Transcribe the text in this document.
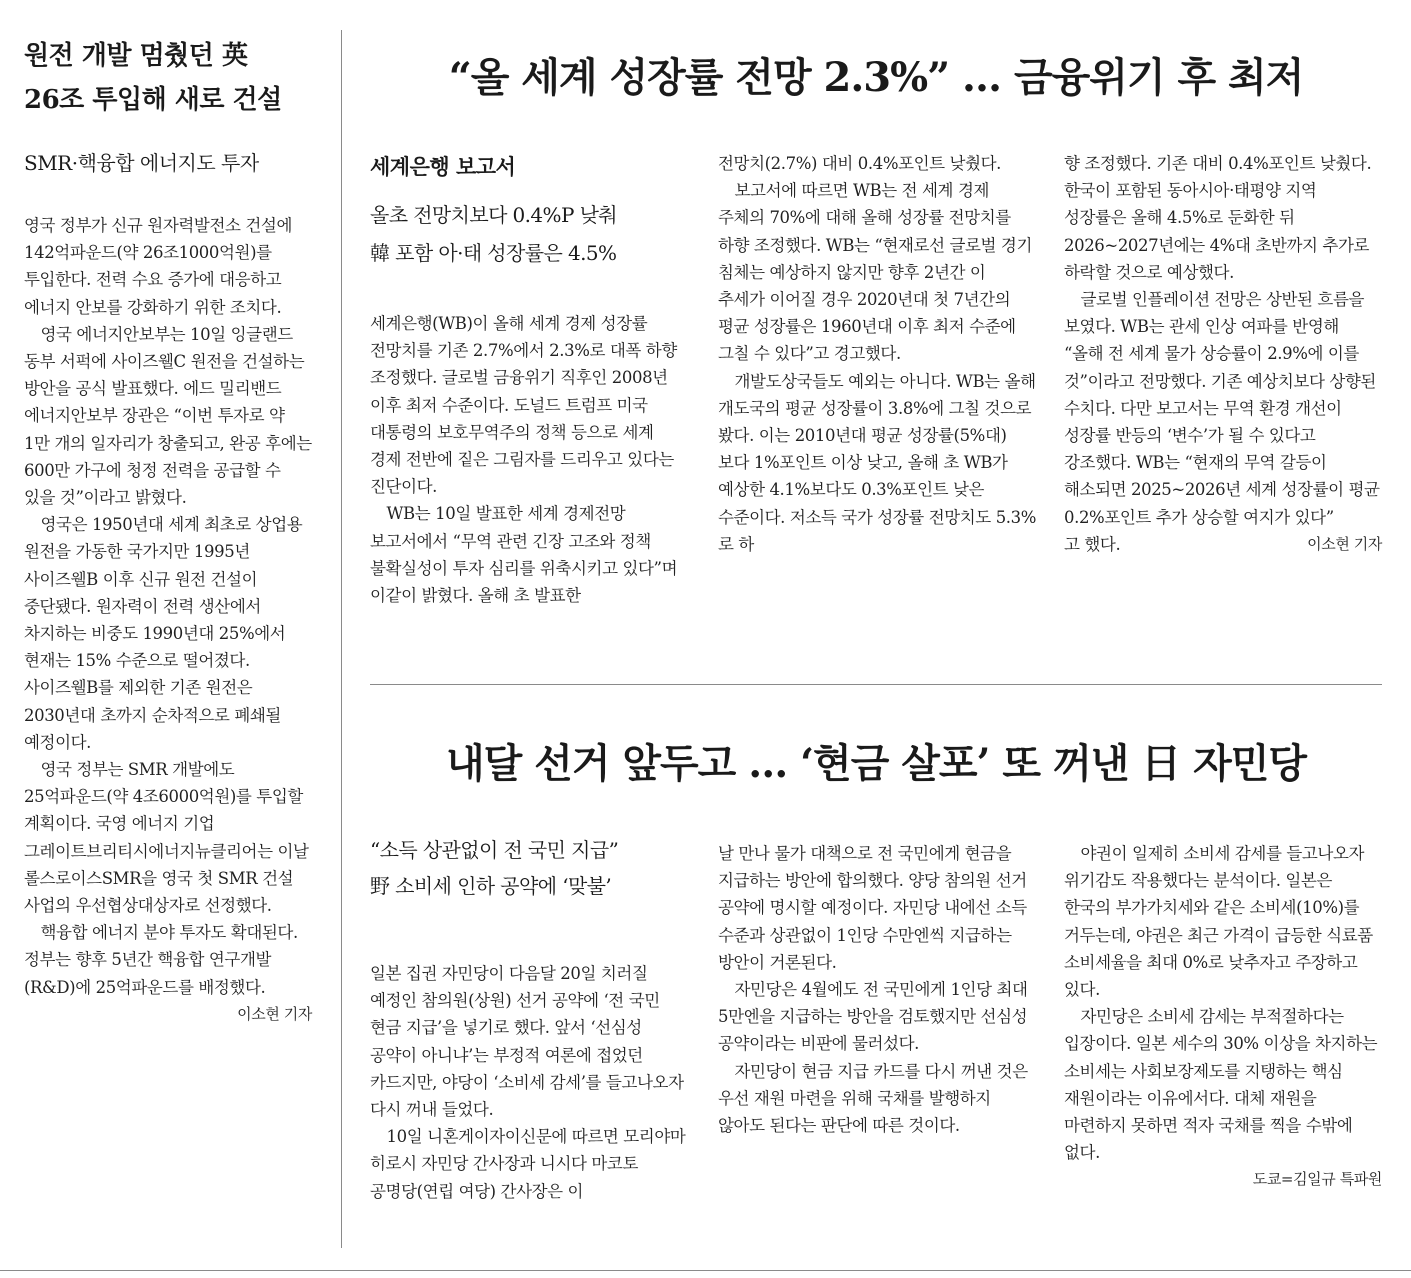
원전 개발 멈췄던 英
26조 투입해 새로 건설
SMR·핵융합 에너지도 투자

영국 정부가 신규 원자력발전소 건설에 142억파운드(약 26조1000억원)를 투입한다. 전력 수요 증가에 대응하고 에너지 안보를 강화하기 위한 조치다.

영국 에너지안보부는 10일 잉글랜드 동부 서퍽에 사이즈웰C 원전을 건설하는 방안을 공식 발표했다. 에드 밀리밴드 에너지안보부 장관은 “이번 투자로 약 1만 개의 일자리가 창출되고, 완공 후에는 600만 가구에 청정 전력을 공급할 수 있을 것”이라고 밝혔다.

영국은 1950년대 세계 최초로 상업용 원전을 가동한 국가지만 1995년 사이즈웰B 이후 신규 원전 건설이 중단됐다. 원자력이 전력 생산에서 차지하는 비중도 1990년대 25%에서 현재는 15% 수준으로 떨어졌다. 사이즈웰B를 제외한 기존 원전은 2030년대 초까지 순차적으로 폐쇄될 예정이다.

영국 정부는 SMR 개발에도 25억파운드(약 4조6000억원)를 투입할 계획이다. 국영 에너지 기업 그레이트브리티시에너지뉴클리어는 이날 롤스로이스SMR을 영국 첫 SMR 건설 사업의 우선협상대상자로 선정했다.

핵융합 에너지 분야 투자도 확대된다. 정부는 향후 5년간 핵융합 연구개발(R&D)에 25억파운드를 배정했다.

이소현 기자
“올 세계 성장률 전망 2.3%” … 금융위기 후 최저
세계은행 보고서
올초 전망치보다 0.4%P 낮춰
韓 포함 아·태 성장률은 4.5%

세계은행(WB)이 올해 세계 경제 성장률 전망치를 기존 2.7%에서 2.3%로 대폭 하향 조정했다. 글로벌 금융위기 직후인 2008년 이후 최저 수준이다. 도널드 트럼프 미국 대통령의 보호무역주의 정책 등으로 세계 경제 전반에 짙은 그림자를 드리우고 있다는 진단이다.

WB는 10일 발표한 세계 경제전망 보고서에서 “무역 관련 긴장 고조와 정책 불확실성이 투자 심리를 위축시키고 있다”며 이같이 밝혔다. 올해 초 발표한

전망치(2.7%) 대비 0.4%포인트 낮췄다.

보고서에 따르면 WB는 전 세계 경제 주체의 70%에 대해 올해 성장률 전망치를 하향 조정했다. WB는 “현재로선 글로벌 경기 침체는 예상하지 않지만 향후 2년간 이 추세가 이어질 경우 2020년대 첫 7년간의 평균 성장률은 1960년대 이후 최저 수준에 그칠 수 있다”고 경고했다.

개발도상국들도 예외는 아니다. WB는 올해 개도국의 평균 성장률이 3.8%에 그칠 것으로 봤다. 이는 2010년대 평균 성장률(5%대)보다 1%포인트 이상 낮고, 올해 초 WB가 예상한 4.1%보다도 0.3%포인트 낮은 수준이다. 저소득 국가 성장률 전망치도 5.3%로 하

향 조정했다. 기존 대비 0.4%포인트 낮췄다. 한국이 포함된 동아시아·태평양 지역 성장률은 올해 4.5%로 둔화한 뒤 2026~2027년에는 4%대 초반까지 추가로 하락할 것으로 예상했다.

글로벌 인플레이션 전망은 상반된 흐름을 보였다. WB는 관세 인상 여파를 반영해 “올해 전 세계 물가 상승률이 2.9%에 이를 것”이라고 전망했다. 기존 예상치보다 상향된 수치다. 다만 보고서는 무역 환경 개선이 성장률 반등의 ‘변수’가 될 수 있다고 강조했다. WB는 “현재의 무역 갈등이 해소되면 2025~2026년 세계 성장률이 평균 0.2%포인트 추가 상승할 여지가 있다”

고 했다.	이소현 기자
내달 선거 앞두고 … ‘현금 살포’ 또 꺼낸 日 자민당
“소득 상관없이 전 국민 지급”
野 소비세 인하 공약에 ‘맞불’

일본 집권 자민당이 다음달 20일 치러질 예정인 참의원(상원) 선거 공약에 ‘전 국민 현금 지급’을 넣기로 했다. 앞서 ‘선심성 공약이 아니냐’는 부정적 여론에 접었던 카드지만, 야당이 ‘소비세 감세’를 들고나오자 다시 꺼내 들었다.

10일 니혼게이자이신문에 따르면 모리야마 히로시 자민당 간사장과 니시다 마코토 공명당(연립 여당) 간사장은 이

날 만나 물가 대책으로 전 국민에게 현금을 지급하는 방안에 합의했다. 양당 참의원 선거 공약에 명시할 예정이다. 자민당 내에선 소득 수준과 상관없이 1인당 수만엔씩 지급하는 방안이 거론된다.

자민당은 4월에도 전 국민에게 1인당 최대 5만엔을 지급하는 방안을 검토했지만 선심성 공약이라는 비판에 물러섰다.

자민당이 현금 지급 카드를 다시 꺼낸 것은 우선 재원 마련을 위해 국채를 발행하지 않아도 된다는 판단에 따른 것이다.

야권이 일제히 소비세 감세를 들고나오자 위기감도 작용했다는 분석이다. 일본은 한국의 부가가치세와 같은 소비세(10%)를 거두는데, 야권은 최근 가격이 급등한 식료품 소비세율을 최대 0%로 낮추자고 주장하고 있다.

자민당은 소비세 감세는 부적절하다는 입장이다. 일본 세수의 30% 이상을 차지하는 소비세는 사회보장제도를 지탱하는 핵심 재원이라는 이유에서다. 대체 재원을 마련하지 못하면 적자 국채를 찍을 수밖에 없다.

도쿄=김일규 특파원
